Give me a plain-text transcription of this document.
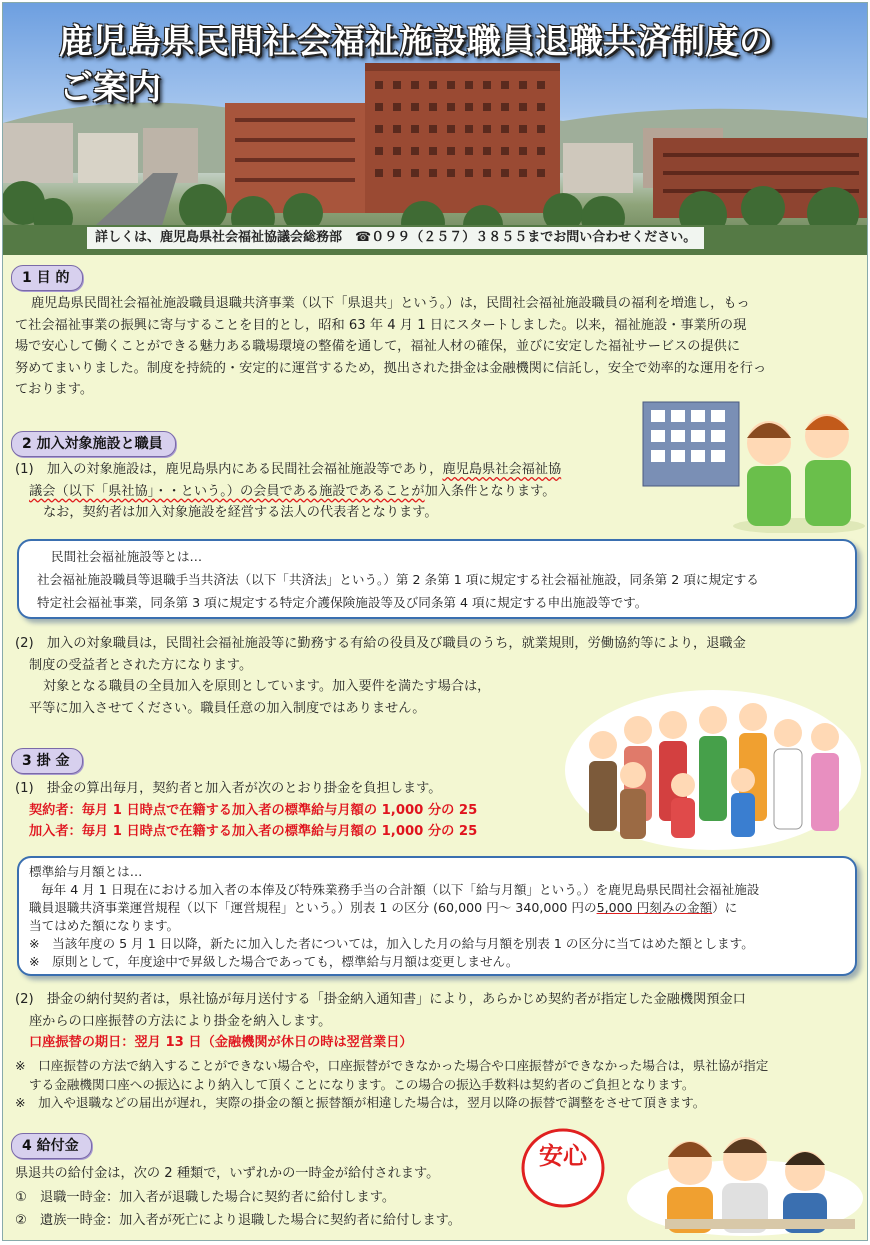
鹿児島県民間社会福祉施設職員退職共済制度の
ご案内
詳しくは、鹿児島県社会福祉協議会総務部　☎０９９（２５７）３８５５までお問い合わせください。
1 目 的

鹿児島県民間社会福祉施設職員退職共済事業（以下「県退共」という。）は，民間社会福祉施設職員の福利を増進し，もっ

て社会福祉事業の振興に寄与することを目的とし，昭和 63 年 4 月 1 日にスタートしました。以来，福祉施設・事業所の現

場で安心して働くことができる魅力ある職場環境の整備を通して，福祉人材の確保，並びに安定した福祉サービスの提供に

努めてまいりました。制度を持続的・安定的に運営するため，拠出された掛金は金融機関に信託し，安全で効率的な運用を行っ

ております。

2 加入対象施設と職員

(1)　加入の対象施設は，鹿児島県内にある民間社会福祉施設等であり，鹿児島県社会福祉協

議会（以下「県社協」・・という。）の会員である施設であることが加入条件となります。

なお，契約者は加入対象施設を経営する法人の代表者となります。

民間社会福祉施設等とは…
社会福祉施設職員等退職手当共済法（以下「共済法」という。）第 2 条第 1 項に規定する社会福祉施設，同条第 2 項に規定する
特定社会福祉事業，同条第 3 項に規定する特定介護保険施設等及び同条第 4 項に規定する申出施設等です。

(2)　加入の対象職員は，民間社会福祉施設等に勤務する有給の役員及び職員のうち，就業規則，労働協約等により，退職金

制度の受益者とされた方になります。

対象となる職員の全員加入を原則としています。加入要件を満たす場合は，

平等に加入させてください。職員任意の加入制度ではありません。

3 掛 金

(1)　掛金の算出毎月，契約者と加入者が次のとおり掛金を負担します。

契約者：毎月 1 日時点で在籍する加入者の標準給与月額の 1,000 分の 25

加入者：毎月 1 日時点で在籍する加入者の標準給与月額の 1,000 分の 25

標準給与月額とは…
毎年 4 月 1 日現在における加入者の本俸及び特殊業務手当の合計額（以下「給与月額」という。）を鹿児島県民間社会福祉施設
職員退職共済事業運営規程（以下「運営規程」という。）別表 1 の区分 (60,000 円～ 340,000 円の5,000 円刻みの金額）に
当てはめた額になります。
※　当該年度の 5 月 1 日以降，新たに加入した者については，加入した月の給与月額を別表 1 の区分に当てはめた額とします。
※　原則として，年度途中で昇級した場合であっても，標準給与月額は変更しません。

(2)　掛金の納付契約者は，県社協が毎月送付する「掛金納入通知書」により，あらかじめ契約者が指定した金融機関預金口

座からの口座振替の方法により掛金を納入します。

口座振替の期日：翌月 13 日（金融機関が休日の時は翌営業日）

※　口座振替の方法で納入することができない場合や，口座振替ができなかった場合や口座振替ができなかった場合は，県社協が指定

する金融機関口座への振込により納入して頂くことになります。この場合の振込手数料は契約者のご負担となります。

※　加入や退職などの届出が遅れ，実際の掛金の額と振替額が相違した場合は，翌月以降の振替で調整をさせて頂きます。

4 給付金

県退共の給付金は，次の 2 種類で，いずれかの一時金が給付されます。

①　退職一時金：加入者が退職した場合に契約者に給付します。

②　遺族一時金：加入者が死亡により退職した場合に契約者に給付します。

安心
